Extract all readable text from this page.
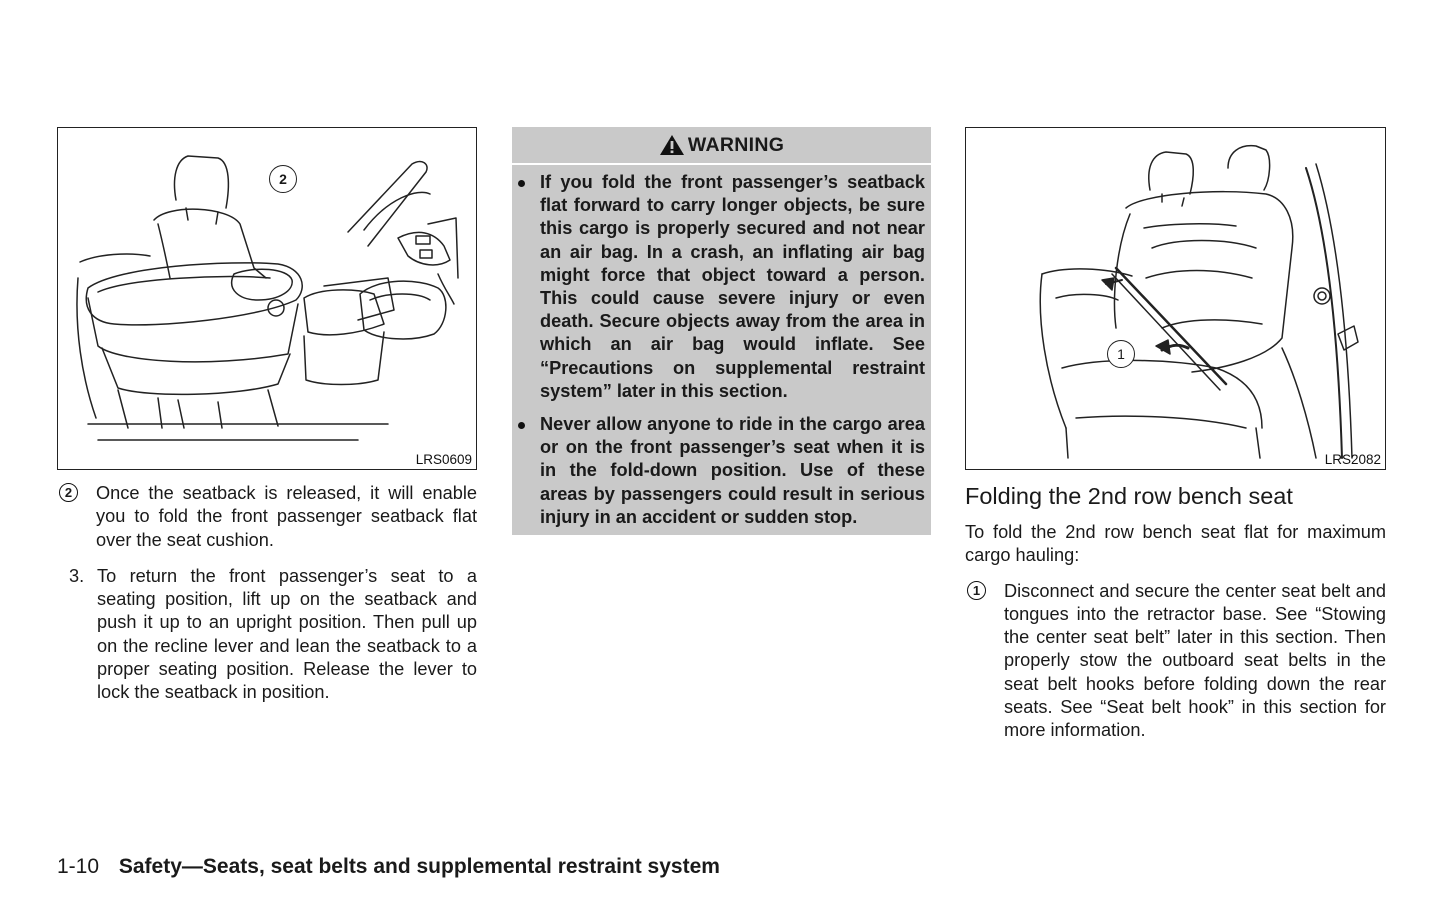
2
LRS0609
2	Once the seatback is released, it will enable you to fold the front passenger seatback flat over the seat cushion.
3. To return the front passenger’s seat to a seating position, lift up on the seatback and push it up to an upright position. Then pull up on the recline lever and lean the seatback to a proper seating position. Release the lever to lock the seatback in position.
WARNING
If you fold the front passenger’s seatback flat forward to carry longer objects, be sure this cargo is properly secured and not near an air bag. In a crash, an inflating air bag might force that object toward a person. This could cause severe injury or even death. Secure objects away from the area in which an air bag would inflate. See “Precautions on supplemental restraint system” later in this section.
Never allow anyone to ride in the cargo area or on the front passenger’s seat when it is in the fold-down position. Use of these areas by passengers could result in serious injury in an accident or sudden stop.
1
LRS2082
Folding the 2nd row bench seat
To fold the 2nd row bench seat flat for maximum cargo hauling:
1	Disconnect and secure the center seat belt and tongues into the retractor base. See “Stowing the center seat belt” later in this section. Then properly stow the outboard seat belts in the seat belt hooks before folding down the rear seats. See “Seat belt hook” in this section for more information.
1-10 Safety—Seats, seat belts and supplemental restraint system
